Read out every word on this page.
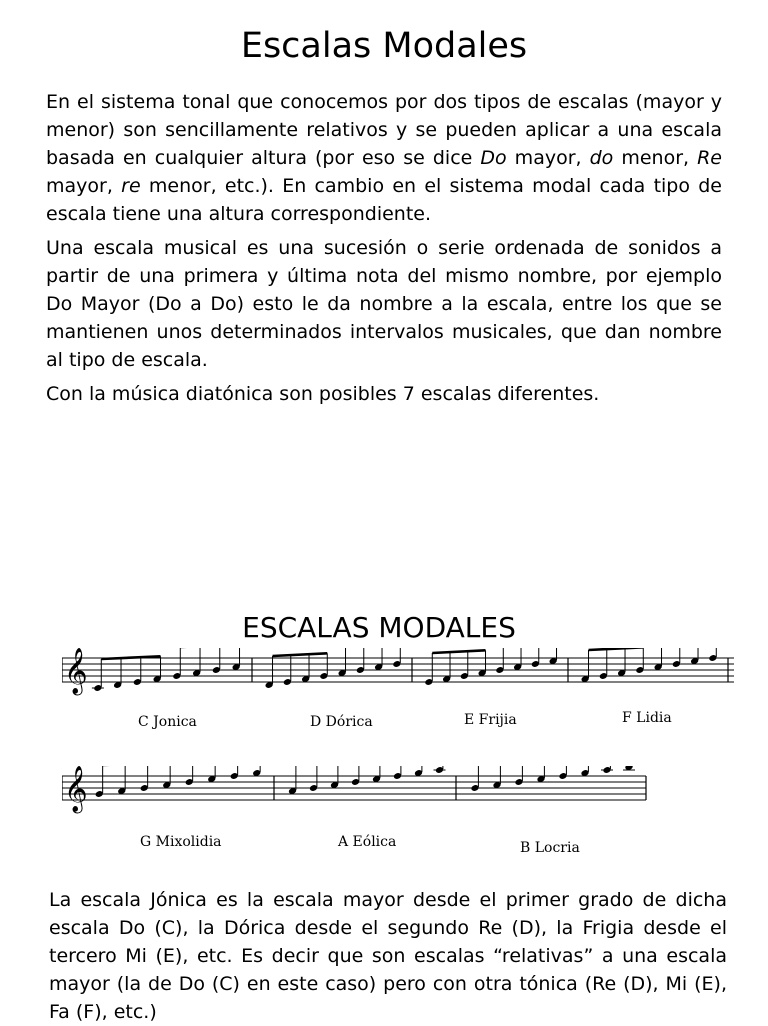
Escalas Modales

En el sistema tonal que conocemos por dos tipos de escalas (mayor y menor) son sencillamente relativos y se pueden aplicar a una escala basada en cualquier altura (por eso se dice Do mayor, do menor, Re mayor, re menor, etc.). En cambio en el sistema modal cada tipo de escala tiene una altura correspondiente.

Una escala musical es una sucesión o serie ordenada de sonidos a partir de una primera y última nota del mismo nombre, por ejemplo Do Mayor (Do a Do) esto le da nombre a la escala, entre los que se mantienen unos determinados intervalos musicales, que dan nombre al tipo de escala.

Con la música diatónica son posibles 7 escalas diferentes.

ESCALAS MODALES
𝄞
C Jonica	D Dórica	E Frijia	F Lidia
𝄞
G Mixolidia	A Eólica	B Locria

La escala Jónica es la escala mayor desde el primer grado de dicha escala Do (C), la Dórica desde el segundo Re (D), la Frigia desde el tercero Mi (E), etc. Es decir que son escalas “relativas” a una escala mayor (la de Do (C) en este caso) pero con otra tónica (Re (D), Mi (E), Fa (F), etc.)
